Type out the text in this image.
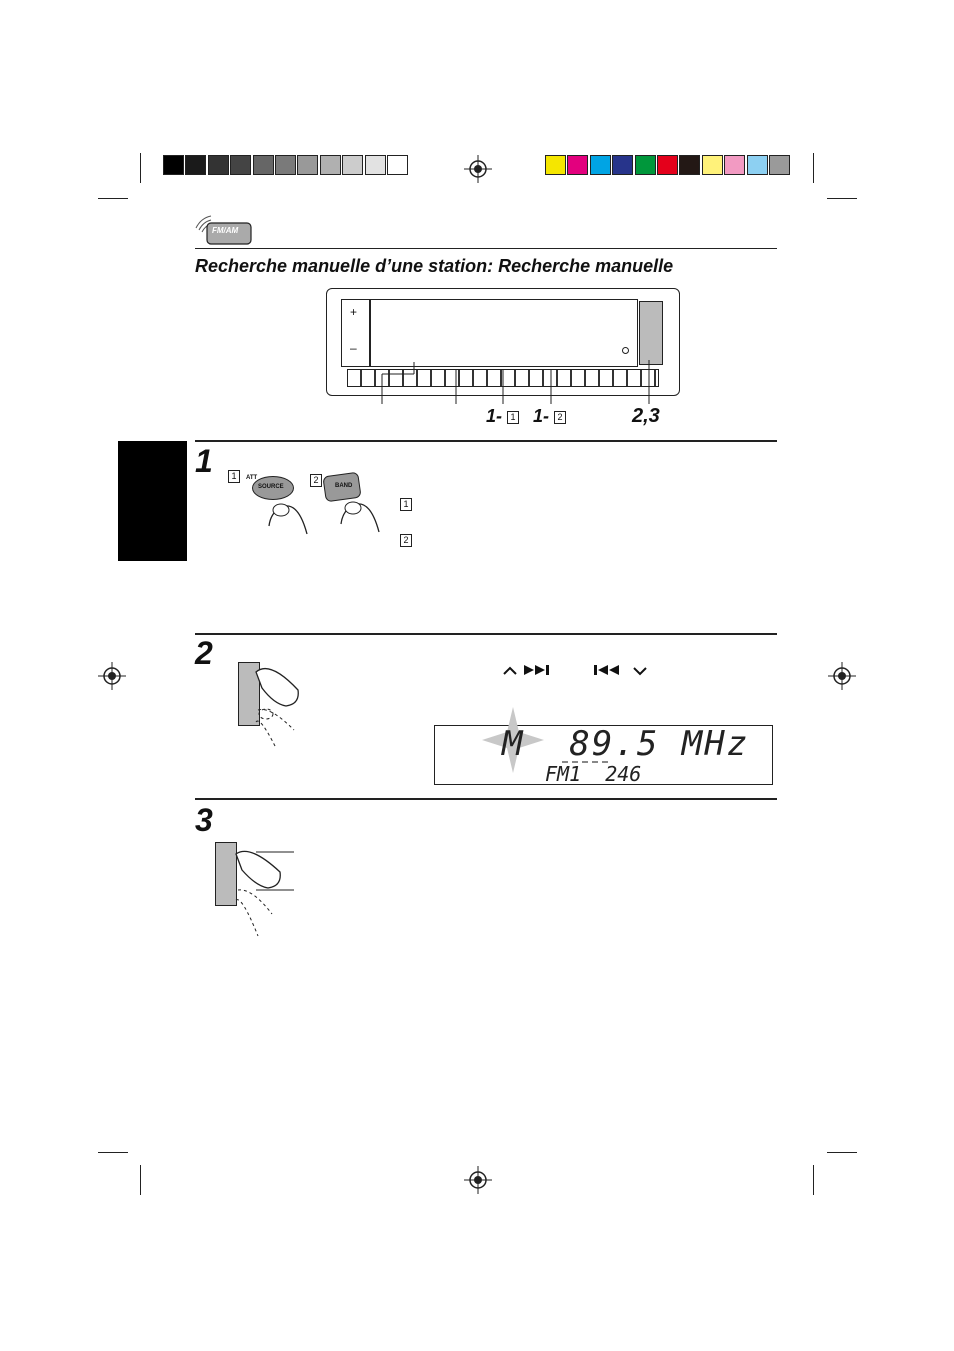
FM/AM
Recherche manuelle d’une station: Recherche manuelle
+
–
1- 1 1- 2	2,3
1	1	2
ATT
SOURCE	BAND
1
2
2
M  89.5 MHz
FM1  246
3
